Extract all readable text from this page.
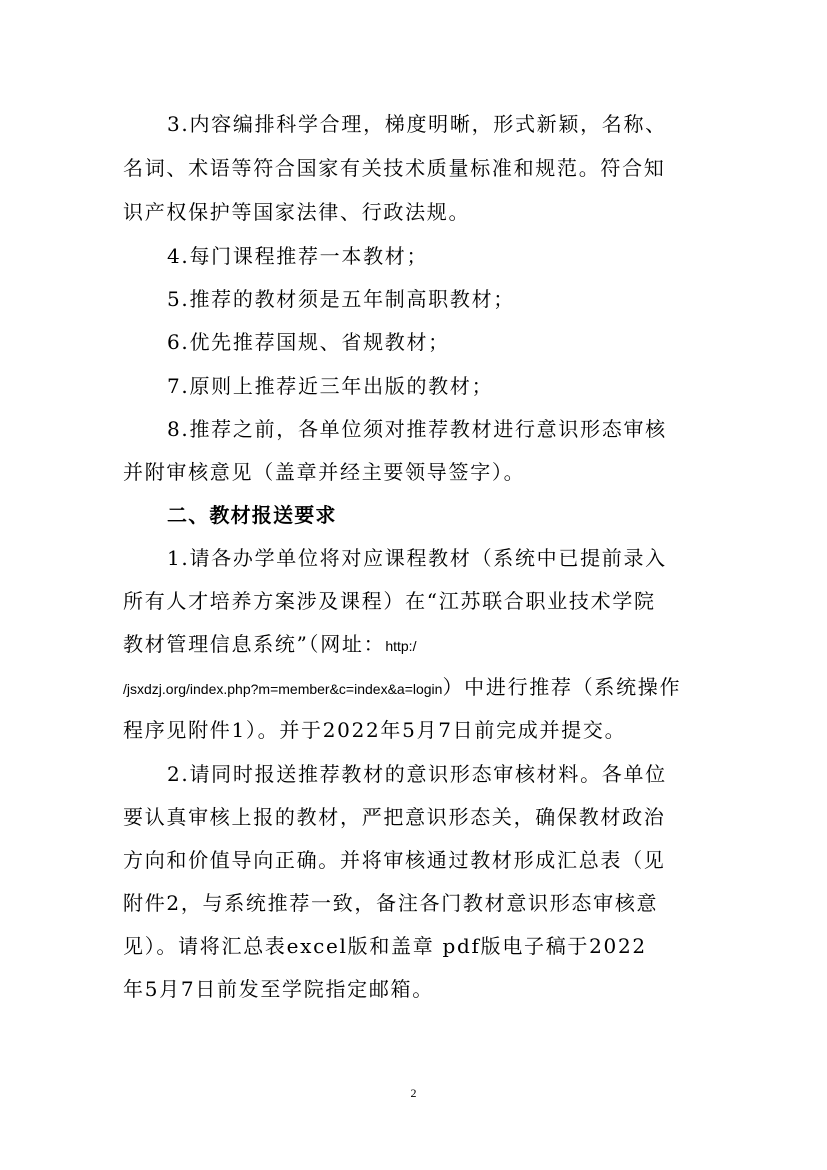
3.内容编排科学合理，梯度明晰，形式新颖，名称、
名词、术语等符合国家有关技术质量标准和规范。符合知
识产权保护等国家法律、行政法规。
4.每门课程推荐一本教材；
5.推荐的教材须是五年制高职教材；
6.优先推荐国规、省规教材；
7.原则上推荐近三年出版的教材；
8.推荐之前，各单位须对推荐教材进行意识形态审核
并附审核意见（盖章并经主要领导签字）。
二、教材报送要求
1.请各办学单位将对应课程教材（系统中已提前录入
所有人才培养方案涉及课程）在“江苏联合职业技术学院
教材管理信息系统”（网址：http:/
/jsxdzj.org/index.php?m=member&c=index&a=login）中进行推荐（系统操作
程序见附件1）。并于2022年5月7日前完成并提交。
2.请同时报送推荐教材的意识形态审核材料。各单位
要认真审核上报的教材，严把意识形态关，确保教材政治
方向和价值导向正确。并将审核通过教材形成汇总表（见
附件2，与系统推荐一致，备注各门教材意识形态审核意
见）。请将汇总表excel版和盖章 pdf版电子稿于2022
年5月7日前发至学院指定邮箱。
2
